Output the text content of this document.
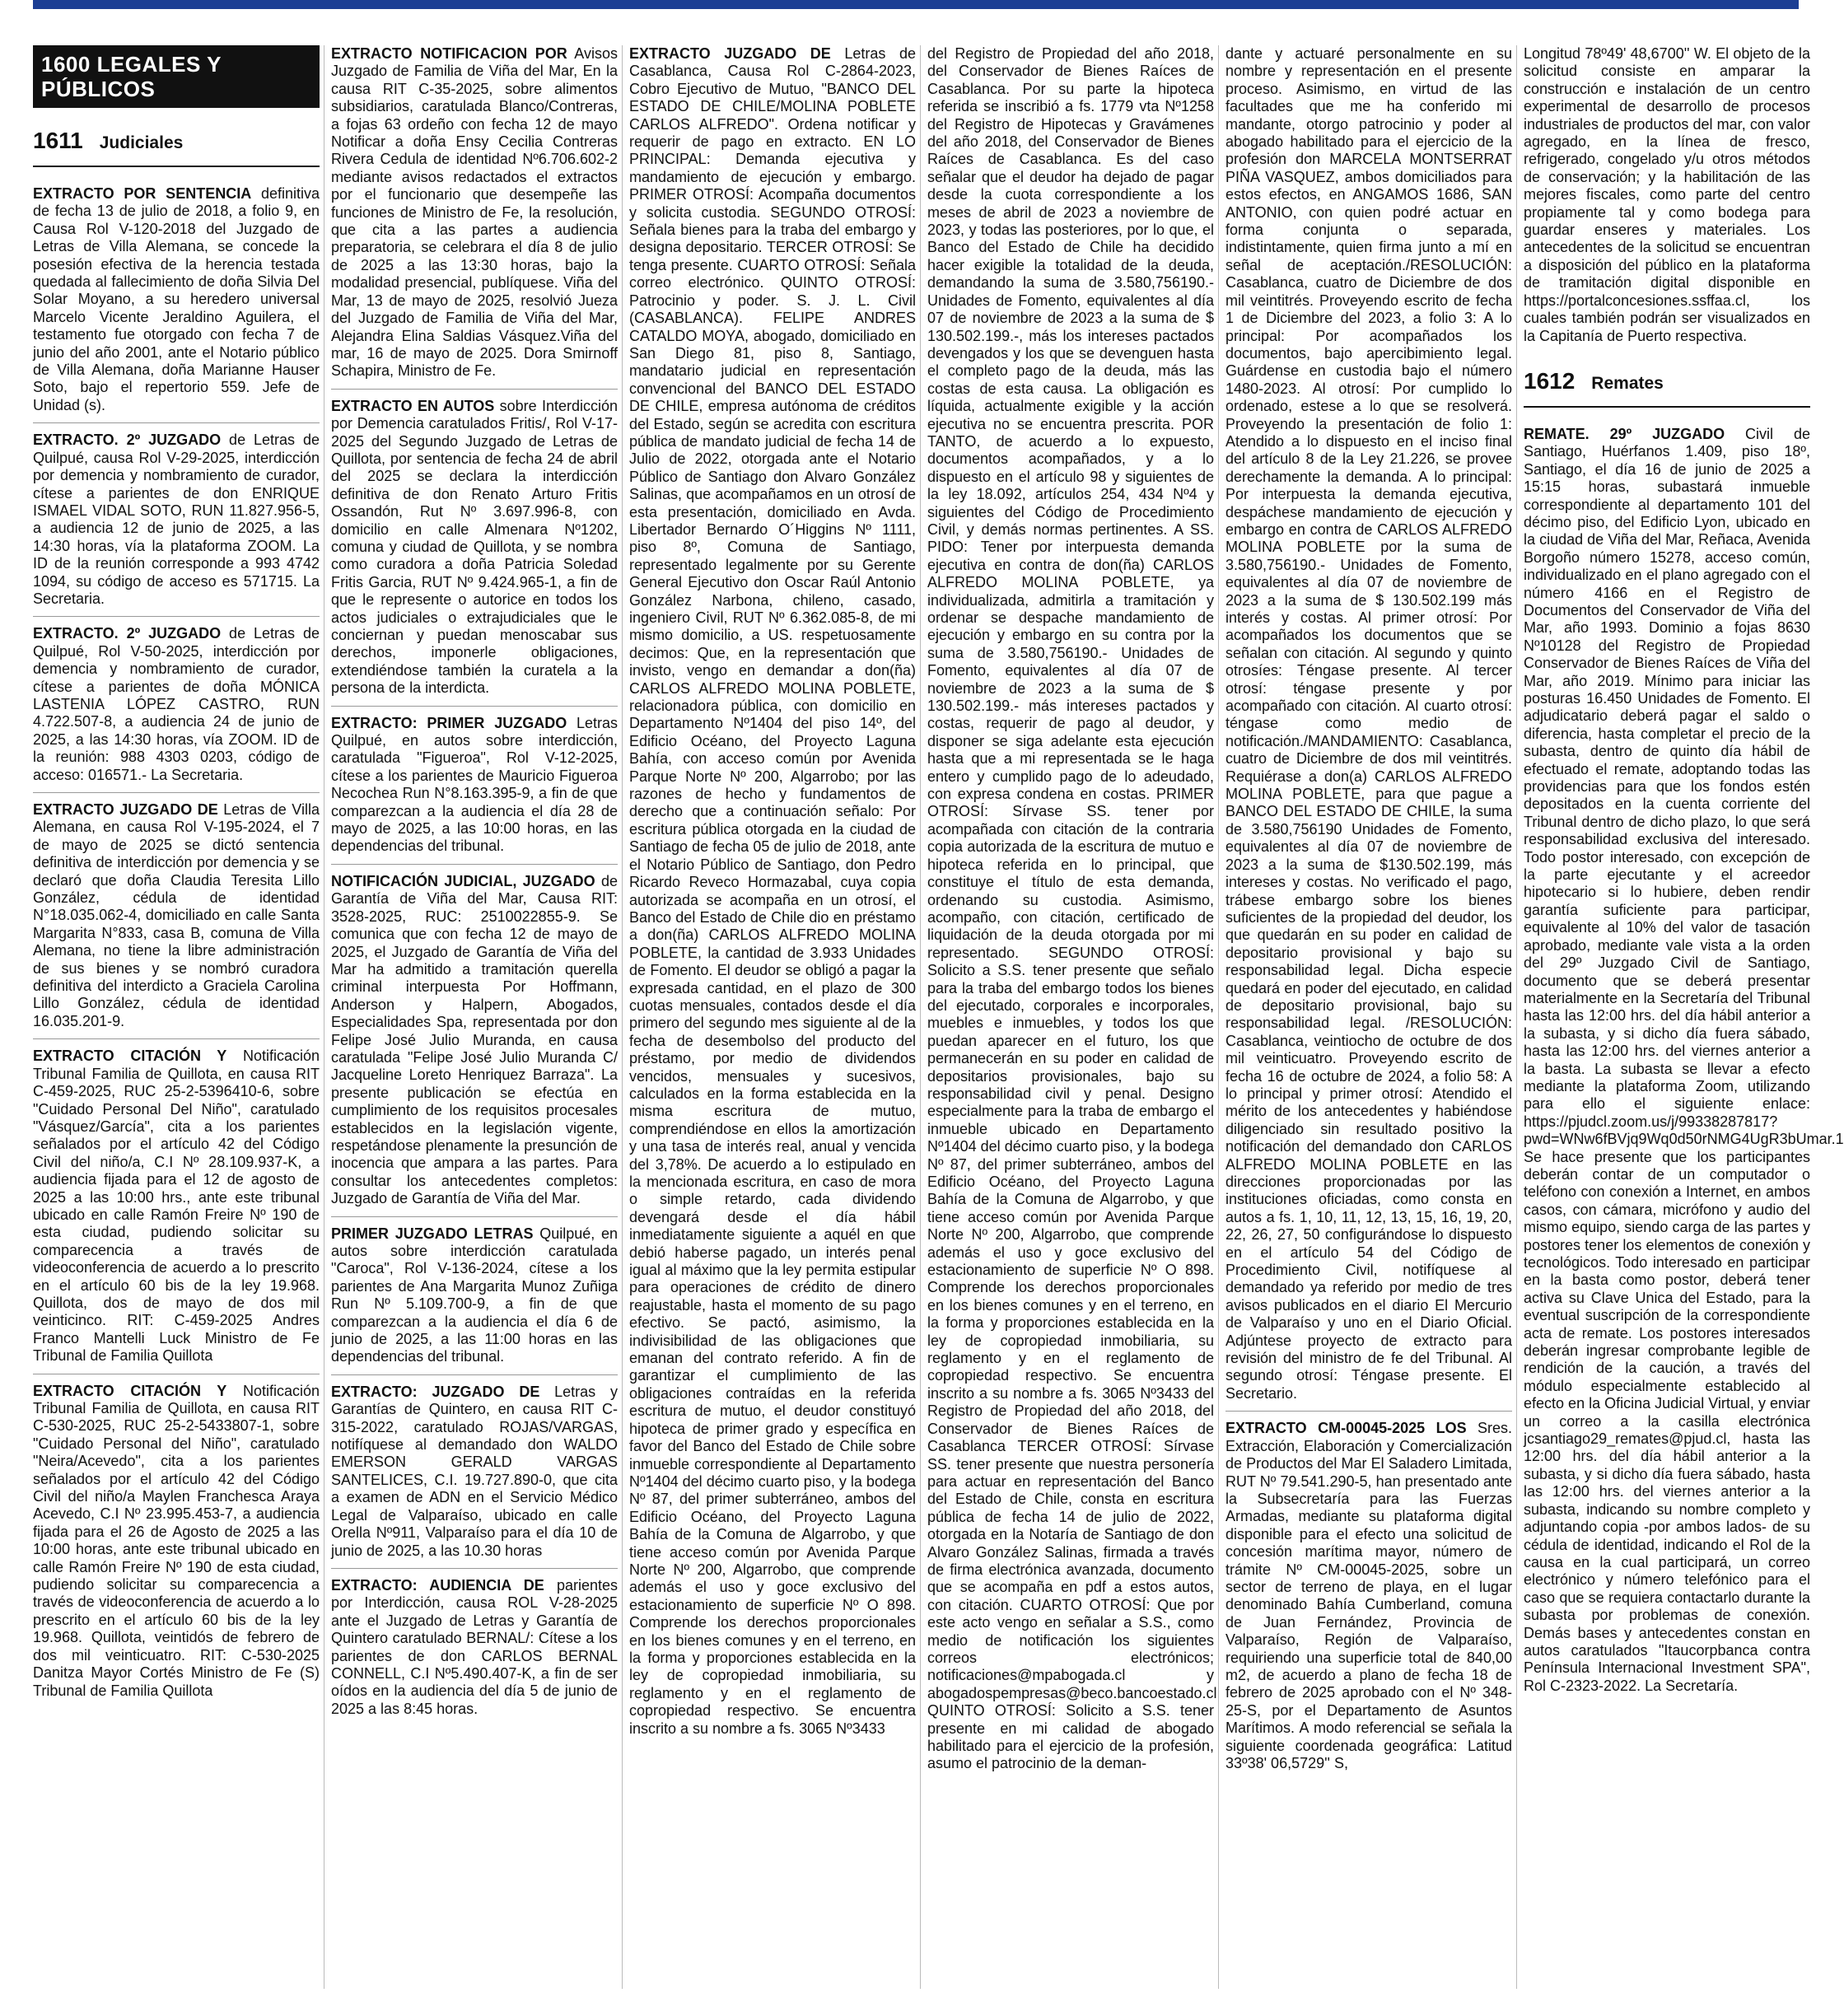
1600 LEGALES Y PÚBLICOS
1611 Judiciales

EXTRACTO POR SENTENCIA definitiva de fecha 13 de julio de 2018, a folio 9, en Causa Rol V-120-2018 del Juzgado de Letras de Villa Alemana, se concede la posesión efectiva de la herencia testada quedada al fallecimiento de doña Silvia Del Solar Moyano, a su heredero universal Marcelo Vicente Jeraldino Aguilera, el testamento fue otorgado con fecha 7 de junio del año 2001, ante el Notario público de Villa Alemana, doña Marianne Hauser Soto, bajo el repertorio 559. Jefe de Unidad (s).

EXTRACTO. 2º JUZGADO de Letras de Quilpué, causa Rol V-29-2025, interdicción por demencia y nombramiento de curador, cítese a parientes de don ENRIQUE ISMAEL VIDAL SOTO, RUN 11.827.956-5, a audiencia 12 de junio de 2025, a las 14:30 horas, vía la plataforma ZOOM. La ID de la reunión corresponde a 993 4742 1094, su código de acceso es 571715. La Secretaria.

EXTRACTO. 2º JUZGADO de Letras de Quilpué, Rol V-50-2025, interdicción por demencia y nombramiento de curador, cítese a parientes de doña MÓNICA LASTENIA LÓPEZ CASTRO, RUN 4.722.507-8, a audiencia 24 de junio de 2025, a las 14:30 horas, vía ZOOM. ID de la reunión: 988 4303 0203, código de acceso: 016571.- La Secretaria.

EXTRACTO JUZGADO DE Letras de Villa Alemana, en causa Rol V-195-2024, el 7 de mayo de 2025 se dictó sentencia definitiva de interdicción por demencia y se declaró que doña Claudia Teresita Lillo González, cédula de identidad N°18.035.062-4, domiciliado en calle Santa Margarita N°833, casa B, comuna de Villa Alemana, no tiene la libre administración de sus bienes y se nombró curadora definitiva del interdicto a Graciela Carolina Lillo González, cédula de identidad 16.035.201-9.

EXTRACTO CITACIÓN Y Notificación Tribunal Familia de Quillota, en causa RIT C-459-2025, RUC 25-2-5396410-6, sobre "Cuidado Personal Del Niño", caratulado "Vásquez/García", cita a los parientes señalados por el artículo 42 del Código Civil del niño/a, C.I Nº 28.109.937-K, a audiencia fijada para el 12 de agosto de 2025 a las 10:00 hrs., ante este tribunal ubicado en calle Ramón Freire Nº 190 de esta ciudad, pudiendo solicitar su comparecencia a través de videoconferencia de acuerdo a lo prescrito en el artículo 60 bis de la ley 19.968. Quillota, dos de mayo de dos mil veinticinco. RIT: C-459-2025 Andres Franco Mantelli Luck Ministro de Fe Tribunal de Familia Quillota

EXTRACTO CITACIÓN Y Notificación Tribunal Familia de Quillota, en causa RIT C-530-2025, RUC 25-2-5433807-1, sobre "Cuidado Personal del Niño", caratulado "Neira/Acevedo", cita a los parientes señalados por el artículo 42 del Código Civil del niño/a Maylen Franchesca Araya Acevedo, C.I Nº 23.995.453-7, a audiencia fijada para el 26 de Agosto de 2025 a las 10:00 horas, ante este tribunal ubicado en calle Ramón Freire Nº 190 de esta ciudad, pudiendo solicitar su comparecencia a través de videoconferencia de acuerdo a lo prescrito en el artículo 60 bis de la ley 19.968. Quillota, veintidós de febrero de dos mil veinticuatro. RIT: C-530-2025 Danitza Mayor Cortés Ministro de Fe (S) Tribunal de Familia Quillota

EXTRACTO NOTIFICACION POR Avisos Juzgado de Familia de Viña del Mar, En la causa RIT C-35-2025, sobre alimentos subsidiarios, caratulada Blanco/Contreras, a fojas 63 ordeño con fecha 12 de mayo Notificar a doña Ensy Cecilia Contreras Rivera Cedula de identidad Nº6.706.602-2 mediante avisos redactados el extractos por el funcionario que desempeñe las funciones de Ministro de Fe, la resolución, que cita a las partes a audiencia preparatoria, se celebrara el día 8 de julio de 2025 a las 13:30 horas, bajo la modalidad presencial, publíquese. Viña del Mar, 13 de mayo de 2025, resolvió Jueza del Juzgado de Familia de Viña del Mar, Alejandra Elina Saldias Vásquez.Viña del mar, 16 de mayo de 2025. Dora Smirnoff Schapira, Ministro de Fe.

EXTRACTO EN AUTOS sobre Interdicción por Demencia caratulados Fritis/, Rol V-17-2025 del Segundo Juzgado de Letras de Quillota, por sentencia de fecha 24 de abril del 2025 se declara la interdicción definitiva de don Renato Arturo Fritis Ossandón, Rut Nº 3.697.996-8, con domicilio en calle Almenara Nº1202, comuna y ciudad de Quillota, y se nombra como curadora a doña Patricia Soledad Fritis Garcia, RUT Nº 9.424.965-1, a fin de que le represente o autorice en todos los actos judiciales o extrajudiciales que le conciernan y puedan menoscabar sus derechos, imponerle obligaciones, extendiéndose también la curatela a la persona de la interdicta.

EXTRACTO: PRIMER JUZGADO Letras Quilpué, en autos sobre interdicción, caratulada "Figueroa", Rol V-12-2025, cítese a los parientes de Mauricio Figueroa Necochea Run N°8.163.395-9, a fin de que comparezcan a la audiencia el día 28 de mayo de 2025, a las 10:00 horas, en las dependencias del tribunal.

NOTIFICACIÓN JUDICIAL, JUZGADO de Garantía de Viña del Mar, Causa RIT: 3528-2025, RUC: 2510022855-9. Se comunica que con fecha 12 de mayo de 2025, el Juzgado de Garantía de Viña del Mar ha admitido a tramitación querella criminal interpuesta Por Hoffmann, Anderson y Halpern, Abogados, Especialidades Spa, representada por don Felipe José Julio Muranda, en causa caratulada "Felipe José Julio Muranda C/ Jacqueline Loreto Henriquez Barraza". La presente publicación se efectúa en cumplimiento de los requisitos procesales establecidos en la legislación vigente, respetándose plenamente la presunción de inocencia que ampara a las partes. Para consultar los antecedentes completos: Juzgado de Garantía de Viña del Mar.

PRIMER JUZGADO LETRAS Quilpué, en autos sobre interdicción caratulada "Caroca", Rol V-136-2024, cítese a los parientes de Ana Margarita Munoz Zuñiga Run Nº 5.109.700-9, a fin de que comparezcan a la audiencia el día 6 de junio de 2025, a las 11:00 horas en las dependencias del tribunal.

EXTRACTO: JUZGADO DE Letras y Garantías de Quintero, en causa RIT C-315-2022, caratulado ROJAS/VARGAS, notifíquese al demandado don WALDO EMERSON GERALD VARGAS SANTELICES, C.I. 19.727.890-0, que cita a examen de ADN en el Servicio Médico Legal de Valparaíso, ubicado en calle Orella Nº911, Valparaíso para el día 10 de junio de 2025, a las 10.30 horas

EXTRACTO: AUDIENCIA DE parientes por Interdicción, causa ROL V-28-2025 ante el Juzgado de Letras y Garantía de Quintero caratulado BERNAL/: Cítese a los parientes de don CARLOS BERNAL CONNELL, C.I Nº5.490.407-K, a fin de ser oídos en la audiencia del día 5 de junio de 2025 a las 8:45 horas.

EXTRACTO JUZGADO DE Letras de Casablanca, Causa Rol C-2864-2023, Cobro Ejecutivo de Mutuo, "BANCO DEL ESTADO DE CHILE/MOLINA POBLETE CARLOS ALFREDO". Ordena notificar y requerir de pago en extracto. EN LO PRINCIPAL: Demanda ejecutiva y mandamiento de ejecución y embargo. PRIMER OTROSÍ: Acompaña documentos y solicita custodia. SEGUNDO OTROSÍ: Señala bienes para la traba del embargo y designa depositario. TERCER OTROSÍ: Se tenga presente. CUARTO OTROSÍ: Señala correo electrónico. QUINTO OTROSÍ: Patrocinio y poder. S. J. L. Civil (CASABLANCA). FELIPE ANDRES CATALDO MOYA, abogado, domiciliado en San Diego 81, piso 8, Santiago, mandatario judicial en representación convencional del BANCO DEL ESTADO DE CHILE, empresa autónoma de créditos del Estado, según se acredita con escritura pública de mandato judicial de fecha 14 de Julio de 2022, otorgada ante el Notario Público de Santiago don Alvaro González Salinas, que acompañamos en un otrosí de esta presentación, domiciliado en Avda. Libertador Bernardo O´Higgins Nº 1111, piso 8º, Comuna de Santiago, representado legalmente por su Gerente General Ejecutivo don Oscar Raúl Antonio González Narbona, chileno, casado, ingeniero Civil, RUT Nº 6.362.085-8, de mi mismo domicilio, a US. respetuosamente decimos: Que, en la representación que invisto, vengo en demandar a don(ña) CARLOS ALFREDO MOLINA POBLETE, relacionadora pública, con domicilio en Departamento Nº1404 del piso 14º, del Edificio Océano, del Proyecto Laguna Bahía, con acceso común por Avenida Parque Norte Nº 200, Algarrobo; por las razones de hecho y fundamentos de derecho que a continuación señalo: Por escritura pública otorgada en la ciudad de Santiago de fecha 05 de julio de 2018, ante el Notario Público de Santiago, don Pedro Ricardo Reveco Hormazabal, cuya copia autorizada se acompaña en un otrosí, el Banco del Estado de Chile dio en préstamo a don(ña) CARLOS ALFREDO MOLINA POBLETE, la cantidad de 3.933 Unidades de Fomento. El deudor se obligó a pagar la expresada cantidad, en el plazo de 300 cuotas mensuales, contados desde el día primero del segundo mes siguiente al de la fecha de desembolso del producto del préstamo, por medio de dividendos vencidos, mensuales y sucesivos, calculados en la forma establecida en la misma escritura de mutuo, comprendiéndose en ellos la amortización y una tasa de interés real, anual y vencida del 3,78%. De acuerdo a lo estipulado en la mencionada escritura, en caso de mora o simple retardo, cada dividendo devengará desde el día hábil inmediatamente siguiente a aquél en que debió haberse pagado, un interés penal igual al máximo que la ley permita estipular para operaciones de crédito de dinero reajustable, hasta el momento de su pago efectivo. Se pactó, asimismo, la indivisibilidad de las obligaciones que emanan del contrato referido. A fin de garantizar el cumplimiento de las obligaciones contraídas en la referida escritura de mutuo, el deudor constituyó hipoteca de primer grado y específica en favor del Banco del Estado de Chile sobre inmueble correspondiente al Departamento Nº1404 del décimo cuarto piso, y la bodega Nº 87, del primer subterráneo, ambos del Edificio Océano, del Proyecto Laguna Bahía de la Comuna de Algarrobo, y que tiene acceso común por Avenida Parque Norte Nº 200, Algarrobo, que comprende además el uso y goce exclusivo del estacionamiento de superficie Nº O 898. Comprende los derechos proporcionales en los bienes comunes y en el terreno, en la forma y proporciones establecida en la ley de copropiedad inmobiliaria, su reglamento y en el reglamento de copropiedad respectivo. Se encuentra inscrito a su nombre a fs. 3065 Nº3433

del Registro de Propiedad del año 2018, del Conservador de Bienes Raíces de Casablanca. Por su parte la hipoteca referida se inscribió a fs. 1779 vta Nº1258 del Registro de Hipotecas y Gravámenes del año 2018, del Conservador de Bienes Raíces de Casablanca. Es del caso señalar que el deudor ha dejado de pagar desde la cuota correspondiente a los meses de abril de 2023 a noviembre de 2023, y todas las posteriores, por lo que, el Banco del Estado de Chile ha decidido hacer exigible la totalidad de la deuda, demandando la suma de 3.580,756190.- Unidades de Fomento, equivalentes al día 07 de noviembre de 2023 a la suma de $ 130.502.199.-, más los intereses pactados devengados y los que se devenguen hasta el completo pago de la deuda, más las costas de esta causa. La obligación es líquida, actualmente exigible y la acción ejecutiva no se encuentra prescrita. POR TANTO, de acuerdo a lo expuesto, documentos acompañados, y a lo dispuesto en el artículo 98 y siguientes de la ley 18.092, artículos 254, 434 Nº4 y siguientes del Código de Procedimiento Civil, y demás normas pertinentes. A SS. PIDO: Tener por interpuesta demanda ejecutiva en contra de don(ña) CARLOS ALFREDO MOLINA POBLETE, ya individualizada, admitirla a tramitación y ordenar se despache mandamiento de ejecución y embargo en su contra por la suma de 3.580,756190.- Unidades de Fomento, equivalentes al día 07 de noviembre de 2023 a la suma de $ 130.502.199.- más intereses pactados y costas, requerir de pago al deudor, y disponer se siga adelante esta ejecución hasta que a mi representada se le haga entero y cumplido pago de lo adeudado, con expresa condena en costas. PRIMER OTROSÍ: Sírvase SS. tener por acompañada con citación de la contraria copia autorizada de la escritura de mutuo e hipoteca referida en lo principal, que constituye el título de esta demanda, ordenando su custodia. Asimismo, acompaño, con citación, certificado de liquidación de la deuda otorgada por mi representado. SEGUNDO OTROSÍ: Solicito a S.S. tener presente que señalo para la traba del embargo todos los bienes del ejecutado, corporales e incorporales, muebles e inmuebles, y todos los que puedan aparecer en el futuro, los que permanecerán en su poder en calidad de depositarios provisionales, bajo su responsabilidad civil y penal. Designo especialmente para la traba de embargo el inmueble ubicado en Departamento Nº1404 del décimo cuarto piso, y la bodega Nº 87, del primer subterráneo, ambos del Edificio Océano, del Proyecto Laguna Bahía de la Comuna de Algarrobo, y que tiene acceso común por Avenida Parque Norte Nº 200, Algarrobo, que comprende además el uso y goce exclusivo del estacionamiento de superficie Nº O 898. Comprende los derechos proporcionales en los bienes comunes y en el terreno, en la forma y proporciones establecida en la ley de copropiedad inmobiliaria, su reglamento y en el reglamento de copropiedad respectivo. Se encuentra inscrito a su nombre a fs. 3065 Nº3433 del Registro de Propiedad del año 2018, del Conservador de Bienes Raíces de Casablanca TERCER OTROSÍ: Sírvase SS. tener presente que nuestra personería para actuar en representación del Banco del Estado de Chile, consta en escritura pública de fecha 14 de julio de 2022, otorgada en la Notaría de Santiago de don Alvaro González Salinas, firmada a través de firma electrónica avanzada, documento que se acompaña en pdf a estos autos, con citación. CUARTO OTROSÍ: Que por este acto vengo en señalar a S.S., como medio de notificación los siguientes correos electrónicos; notificaciones@mpabogada.cl y abogadospempresas@beco.bancoestado.cl QUINTO OTROSÍ: Solicito a S.S. tener presente en mi calidad de abogado habilitado para el ejercicio de la profesión, asumo el patrocinio de la deman-

dante y actuaré personalmente en su nombre y representación en el presente proceso. Asimismo, en virtud de las facultades que me ha conferido mi mandante, otorgo patrocinio y poder al abogado habilitado para el ejercicio de la profesión don MARCELA MONTSERRAT PIÑA VASQUEZ, ambos domiciliados para estos efectos, en ANGAMOS 1686, SAN ANTONIO, con quien podré actuar en forma conjunta o separada, indistintamente, quien firma junto a mí en señal de aceptación./RESOLUCIÓN: Casablanca, cuatro de Diciembre de dos mil veintitrés. Proveyendo escrito de fecha 1 de Diciembre del 2023, a folio 3: A lo principal: Por acompañados los documentos, bajo apercibimiento legal. Guárdense en custodia bajo el número 1480-2023. Al otrosí: Por cumplido lo ordenado, estese a lo que se resolverá. Proveyendo la presentación de folio 1: Atendido a lo dispuesto en el inciso final del artículo 8 de la Ley 21.226, se provee derechamente la demanda. A lo principal: Por interpuesta la demanda ejecutiva, despáchese mandamiento de ejecución y embargo en contra de CARLOS ALFREDO MOLINA POBLETE por la suma de 3.580,756190.- Unidades de Fomento, equivalentes al día 07 de noviembre de 2023 a la suma de $ 130.502.199 más interés y costas. Al primer otrosí: Por acompañados los documentos que se señalan con citación. Al segundo y quinto otrosíes: Téngase presente. Al tercer otrosí: téngase presente y por acompañado con citación. Al cuarto otrosí: téngase como medio de notificación./MANDAMIENTO: Casablanca, cuatro de Diciembre de dos mil veintitrés. Requiérase a don(a) CARLOS ALFREDO MOLINA POBLETE, para que pague a BANCO DEL ESTADO DE CHILE, la suma de 3.580,756190 Unidades de Fomento, equivalentes al día 07 de noviembre de 2023 a la suma de $130.502.199, más intereses y costas. No verificado el pago, trábese embargo sobre los bienes suficientes de la propiedad del deudor, los que quedarán en su poder en calidad de depositario provisional y bajo su responsabilidad legal. Dicha especie quedará en poder del ejecutado, en calidad de depositario provisional, bajo su responsabilidad legal. /RESOLUCIÓN: Casablanca, veintiocho de octubre de dos mil veinticuatro. Proveyendo escrito de fecha 16 de octubre de 2024, a folio 58: A lo principal y primer otrosí: Atendido el mérito de los antecedentes y habiéndose diligenciado sin resultado positivo la notificación del demandado don CARLOS ALFREDO MOLINA POBLETE en las direcciones proporcionadas por las instituciones oficiadas, como consta en autos a fs. 1, 10, 11, 12, 13, 15, 16, 19, 20, 22, 26, 27, 50 configurándose lo dispuesto en el artículo 54 del Código de Procedimiento Civil, notifíquese al demandado ya referido por medio de tres avisos publicados en el diario El Mercurio de Valparaíso y uno en el Diario Oficial. Adjúntese proyecto de extracto para revisión del ministro de fe del Tribunal. Al segundo otrosí: Téngase presente. El Secretario.

EXTRACTO CM-00045-2025 LOS Sres. Extracción, Elaboración y Comercialización de Productos del Mar El Saladero Limitada, RUT Nº 79.541.290-5, han presentado ante la Subsecretaría para las Fuerzas Armadas, mediante su plataforma digital disponible para el efecto una solicitud de concesión marítima mayor, número de trámite Nº CM-00045-2025, sobre un sector de terreno de playa, en el lugar denominado Bahía Cumberland, comuna de Juan Fernández, Provincia de Valparaíso, Región de Valparaíso, requiriendo una superficie total de 840,00 m2, de acuerdo a plano de fecha 18 de febrero de 2025 aprobado con el Nº 348-25-S, por el Departamento de Asuntos Marítimos. A modo referencial se señala la siguiente coordenada geográfica: Latitud 33º38' 06,5729'' S,

Longitud 78º49' 48,6700'' W. El objeto de la solicitud consiste en amparar la construcción e instalación de un centro experimental de desarrollo de procesos industriales de productos del mar, con valor agregado, en la línea de fresco, refrigerado, congelado y/u otros métodos de conservación; y la habilitación de las mejores fiscales, como parte del centro propiamente tal y como bodega para guardar enseres y materiales. Los antecedentes de la solicitud se encuentran a disposición del público en la plataforma de tramitación digital disponible en https://portalconcesiones.ssffaa.cl, los cuales también podrán ser visualizados en la Capitanía de Puerto respectiva.

1612 Remates

REMATE. 29º JUZGADO Civil de Santiago, Huérfanos 1.409, piso 18º, Santiago, el día 16 de junio de 2025 a 15:15 horas, subastará inmueble correspondiente al departamento 101 del décimo piso, del Edificio Lyon, ubicado en la ciudad de Viña del Mar, Reñaca, Avenida Borgoño número 15278, acceso común, individualizado en el plano agregado con el número 4166 en el Registro de Documentos del Conservador de Viña del Mar, año 1993. Dominio a fojas 8630 Nº10128 del Registro de Propiedad Conservador de Bienes Raíces de Viña del Mar, año 2019. Mínimo para iniciar las posturas 16.450 Unidades de Fomento. El adjudicatario deberá pagar el saldo o diferencia, hasta completar el precio de la subasta, dentro de quinto día hábil de efectuado el remate, adoptando todas las providencias para que los fondos estén depositados en la cuenta corriente del Tribunal dentro de dicho plazo, lo que será responsabilidad exclusiva del interesado. Todo postor interesado, con excepción de la parte ejecutante y el acreedor hipotecario si lo hubiere, deben rendir garantía suficiente para participar, equivalente al 10% del valor de tasación aprobado, mediante vale vista a la orden del 29º Juzgado Civil de Santiago, documento que se deberá presentar materialmente en la Secretaría del Tribunal hasta las 12:00 hrs. del día hábil anterior a la subasta, y si dicho día fuera sábado, hasta las 12:00 hrs. del viernes anterior a la basta. La subasta se llevar a efecto mediante la plataforma Zoom, utilizando para ello el siguiente enlace: https://pjudcl.zoom.us/j/99338287817?pwd=WNw6fBVjq9Wq0d50rNMG4UgR3bUmar.1 Se hace presente que los participantes deberán contar de un computador o teléfono con conexión a Internet, en ambos casos, con cámara, micrófono y audio del mismo equipo, siendo carga de las partes y postores tener los elementos de conexión y tecnológicos. Todo interesado en participar en la basta como postor, deberá tener activa su Clave Unica del Estado, para la eventual suscripción de la correspondiente acta de remate. Los postores interesados deberán ingresar comprobante legible de rendición de la caución, a través del módulo especialmente establecido al efecto en la Oficina Judicial Virtual, y enviar un correo a la casilla electrónica jcsantiago29_remates@pjud.cl, hasta las 12:00 hrs. del día hábil anterior a la subasta, y si dicho día fuera sábado, hasta las 12:00 hrs. del viernes anterior a la subasta, indicando su nombre completo y adjuntando copia -por ambos lados- de su cédula de identidad, indicando el Rol de la causa en la cual participará, un correo electrónico y número telefónico para el caso que se requiera contactarlo durante la subasta por problemas de conexión. Demás bases y antecedentes constan en autos caratulados "Itaucorpbanca contra Península Internacional Investment SPA", Rol C-2323-2022. La Secretaría.
